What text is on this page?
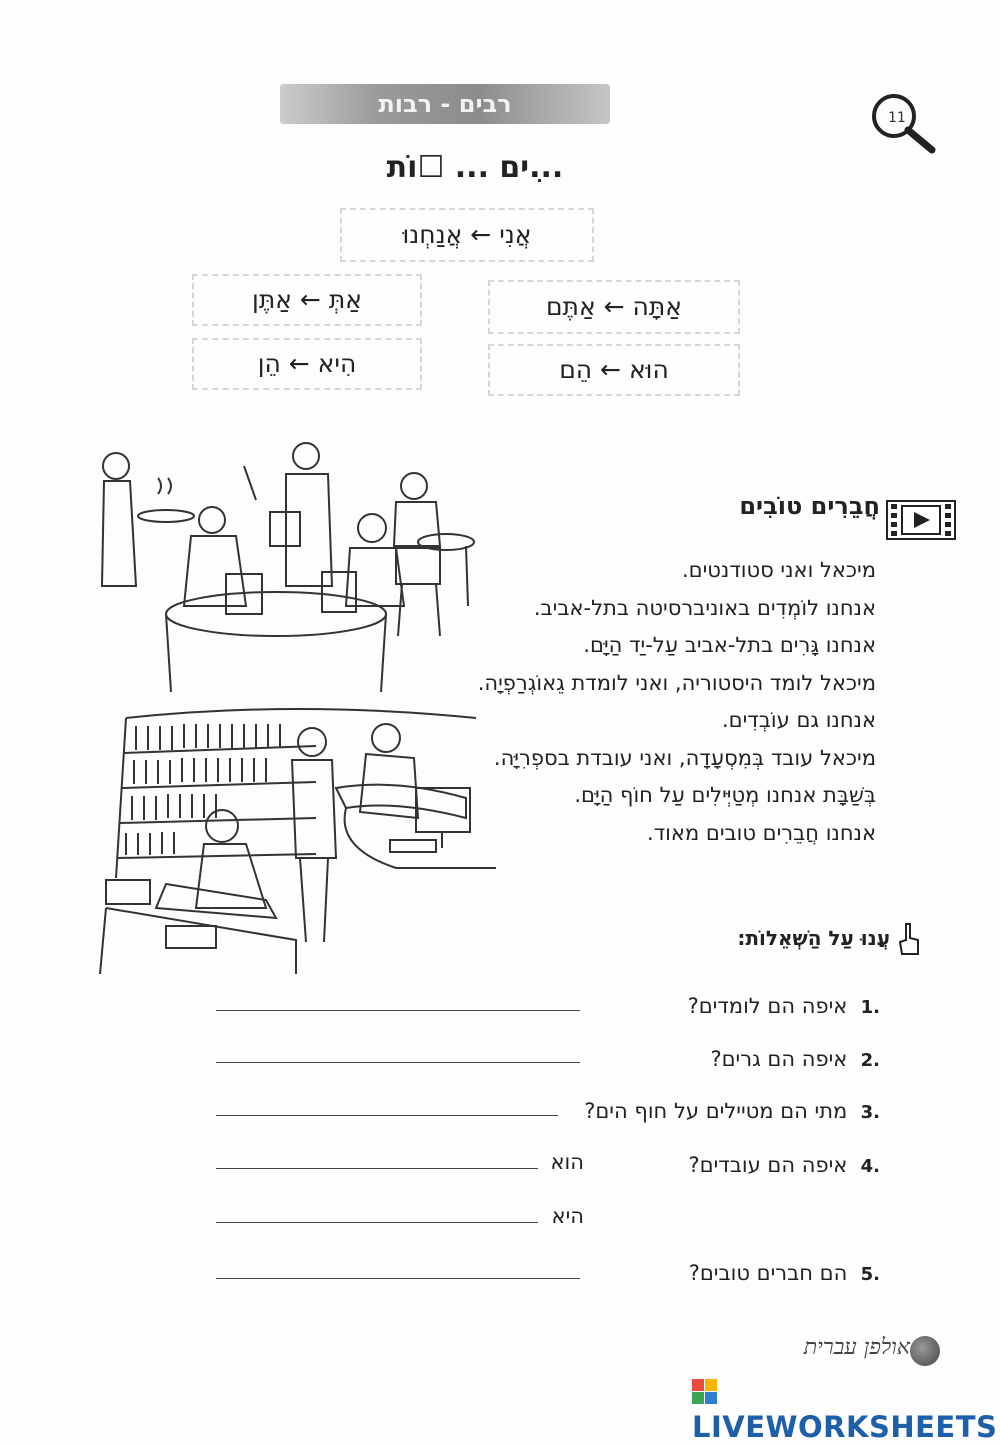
רבים - רבות	11
...ִים ... ☐וֹת
אֲנִי ← אֲנַחְנוּ
אַתְּ ← אַתֶּן	אַתָּה ← אַתֶּם
הִיא ← הֵן	הוּא ← הֵם
חֲבֵרִים טוֹבִים
מיכאל ואני סטודנטים.
אנחנו לוֹמְדִים באוניברסיטה בתל-אביב.
אנחנו גָּרִים בתל-אביב עַל-יַד הַיָּם.
מיכאל לומד היסטוריה, ואני לומדת גֵאוֹגְרַפְיָה.
אנחנו גם עוֹבְדִים.
מיכאל עובד בְּמִסְעָדָה, ואני עובדת בספְרִיָּה.
בְּשַׁבָּת אנחנו מְטַיְּילִים עַל חוֹף הַיָּם.
אנחנו חֲבֵרִים טובים מאוד.
עֲנוּ עַל הַשְּׁאֵלוֹת:
.1 איפה הם לומדים?
.2 איפה הם גרים?
.3 מתי הם מטיילים על חוף הים?
.4 איפה הם עובדים?
הוא
היא
.5 הם חברים טובים?
אולפן עברית
LIVEWORKSHEETS
